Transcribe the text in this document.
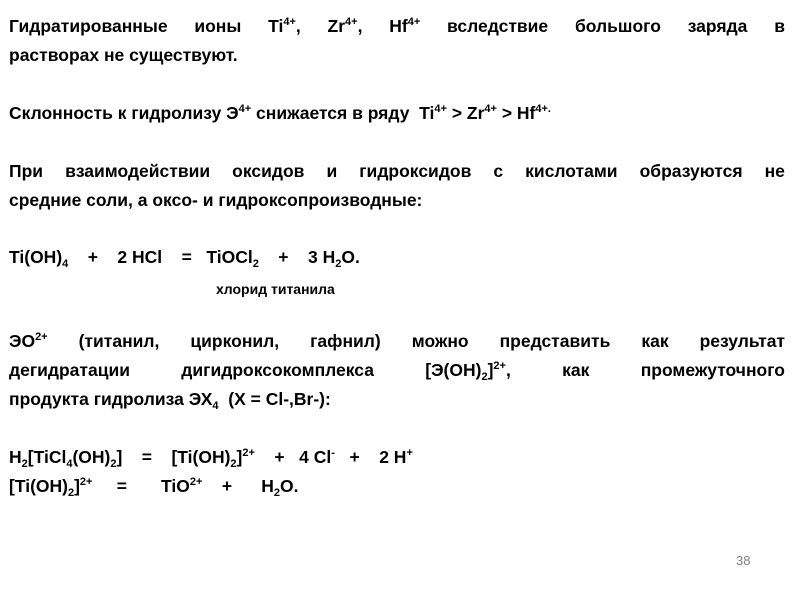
Гидратированные ионы $Ti^{4+}$, $Zr^{4+}$, $Hf^{4+}$ вследствие большого заряда в
растворах не существуют.
Склонность к гидролизу $Э^{4+}$ снижается в ряду  $Ti^{4+} > Zr^{4+} > Hf^{4+.}$
При взаимодействии оксидов и гидроксидов с кислотами образуются не
средние соли, а оксо- и гидроксопроизводные:
$Ti(OH)_4$    +    2 HCl    =   TiOCl$_2$    +    3 $H_2O$.
хлорид титанила
$ЭО^{2+}$ (титанил, цирконил, гафнил) можно представить как результат
дегидратации	дигидроксокомплекса	$[Э(OH)_2]^{2+}$,	как	промежуточного
продукта гидролиза $ЭХ_4$  (X = Cl-,Br-):
$H_2[TiCl_4(OH)_2]$    =    $[Ti(OH)_2]^{2+}$    +   4 Cl-   +    2 H+
$[Ti(OH)_2]^{2+}$     =       TiO$^{2+}$    +      $H_2O$.
38
